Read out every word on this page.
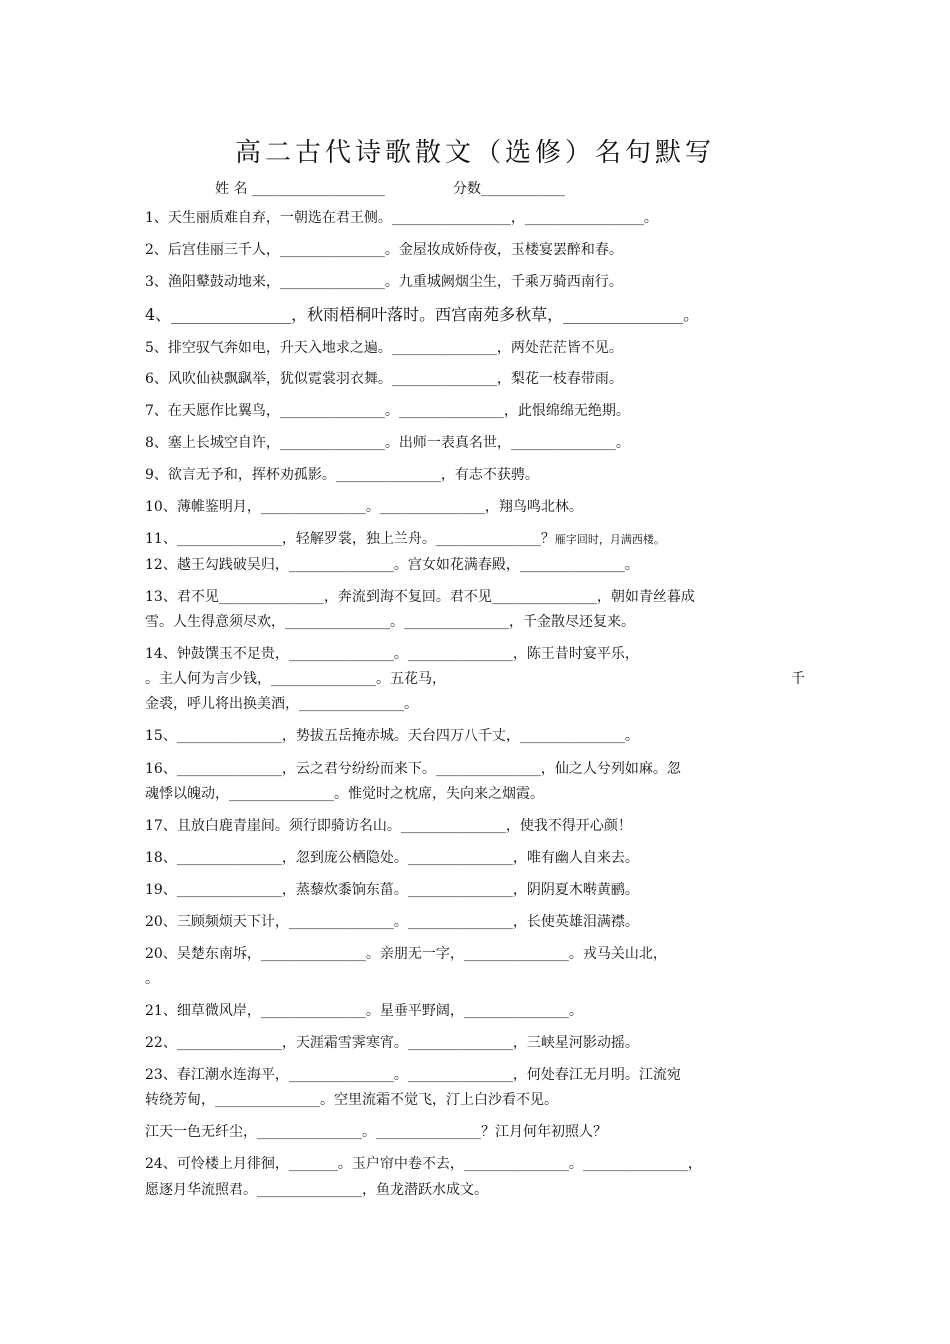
高二古代诗歌散文（选修）名句默写
姓 名 ___________________	分数____________
1、天生丽质难自弃，一朝选在君王侧。_________________，_________________。
2、后宫佳丽三千人，_______________。金屋妆成娇侍夜，玉楼宴罢醉和春。
3、渔阳鼙鼓动地来，_______________。九重城阙烟尘生，千乘万骑西南行。
4、_______________，秋雨梧桐叶落时。西宫南苑多秋草，_______________。
5、排空驭气奔如电，升天入地求之遍。_______________，两处茫茫皆不见。
6、风吹仙袂飘飖举，犹似霓裳羽衣舞。_______________，梨花一枝春带雨。
7、在天愿作比翼鸟，_______________。_______________，此恨绵绵无绝期。
8、塞上长城空自许，_______________。出师一表真名世，_______________。
9、欲言无予和，挥杯劝孤影。_______________，有志不获骋。
10、薄帷鉴明月，_______________。_______________，翔鸟鸣北林。
11、_______________，轻解罗裳，独上兰舟。_______________？雁字回时，月满西楼。
12、越王勾践破吴归，_______________。宫女如花满春殿，_______________。
13、君不见_______________，奔流到海不复回。君不见_______________，朝如青丝暮成
雪。人生得意须尽欢，_______________。_______________，千金散尽还复来。
14、钟鼓馔玉不足贵，_______________。_______________，陈王昔时宴平乐，
。主人何为言少钱，_______________。五花马，	千
金裘，呼儿将出换美酒，_______________。
15、_______________，势拔五岳掩赤城。天台四万八千丈，_______________。
16、_______________，云之君兮纷纷而来下。_______________，仙之人兮列如麻。忽
魂悸以魄动，_______________。惟觉时之枕席，失向来之烟霞。
17、且放白鹿青崖间。须行即骑访名山。_______________，使我不得开心颜！
18、_______________，忽到庞公栖隐处。_______________，唯有幽人自来去。
19、_______________，蒸藜炊黍饷东菑。_______________，阴阴夏木啭黄鹂。
20、三顾频烦天下计，_______________。_______________，长使英雄泪满襟。
20、吴楚东南坼，_______________。亲朋无一字，_______________。戎马关山北，
。
21、细草微风岸，_______________。星垂平野阔，_______________。
22、_______________，天涯霜雪霁寒宵。_______________，三峡星河影动摇。
23、春江潮水连海平，_______________。_______________，何处春江无月明。江流宛
转绕芳甸，_______________。空里流霜不觉飞，汀上白沙看不见。
江天一色无纤尘，_______________。_______________？江月何年初照人？
24、可怜楼上月徘徊，_______。玉户帘中卷不去，_______________。_______________，
愿逐月华流照君。_______________，鱼龙潜跃水成文。
